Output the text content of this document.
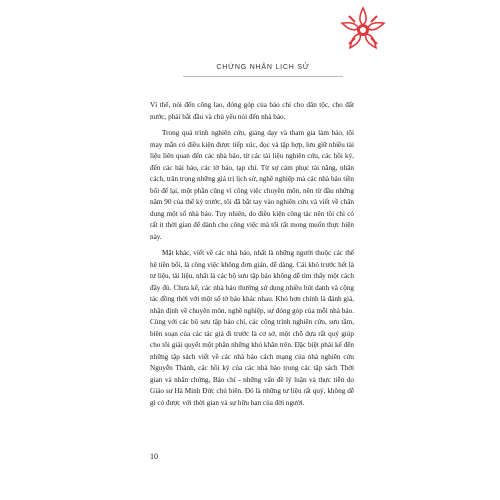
CHỨNG NHÂN LỊCH SỬ

Vì thế, nói đến công lao, đóng góp của báo chí cho dân tộc, cho đất nước, phải bắt đầu và chủ yếu nói đến nhà báo.

Trong quá trình nghiên cứu, giảng dạy và tham gia làm báo, tôi may mắn có điều kiện được tiếp xúc, đọc và tập hợp, lưu giữ nhiều tài liệu liên quan đến các nhà báo, từ các tài liệu nghiên cứu, các hồi ký, đến các bài báo, các tờ báo, tạp chí. Từ sự cảm phục tài năng, nhân cách, trân trọng những giá trị lịch sử, nghề nghiệp mà các nhà báo tiền bối để lại, một phần cũng vì công việc chuyên môn, nên từ đầu những năm 90 của thế kỷ trước, tôi đã bắt tay vào nghiên cứu và viết về chân dung một số nhà báo. Tuy nhiên, do điều kiện công tác nên tôi chỉ có rất ít thời gian để dành cho công việc mà tôi rất mong muốn thực hiện này.

Mặt khác, viết về các nhà báo, nhất là những người thuộc các thế hệ tiền bối, là công việc không đơn giản, dễ dàng. Cái khó trước hết là tư liệu, tài liệu, nhất là các bộ sưu tập báo không dễ tìm thấy một cách đầy đủ. Chưa kể, các nhà báo thường sử dụng nhiều bút danh và cộng tác đồng thời với một số tờ báo khác nhau. Khó hơn chính là đánh giá, nhận định về chuyên môn, nghề nghiệp, sự đóng góp của mỗi nhà báo. Cùng với các bộ sưu tập báo chí, các công trình nghiên cứu, sưu tầm, biên soạn của các tác giả đi trước là cơ sở, một chỗ dựa rất quý giúp cho tôi giải quyết một phần những khó khăn trên. Đặc biệt phải kể đến những tập sách viết về các nhà báo cách mạng của nhà nghiên cứu Nguyễn Thành, các hồi ký của các nhà báo trong các tập sách Thời gian và nhân chứng, Báo chí - những vấn đề lý luận và thực tiễn do Giáo sư Hà Minh Đức chủ biên. Đó là những tư liệu rất quý, không dễ gì có được với thời gian và sự hữu hạn của đời người.

10
